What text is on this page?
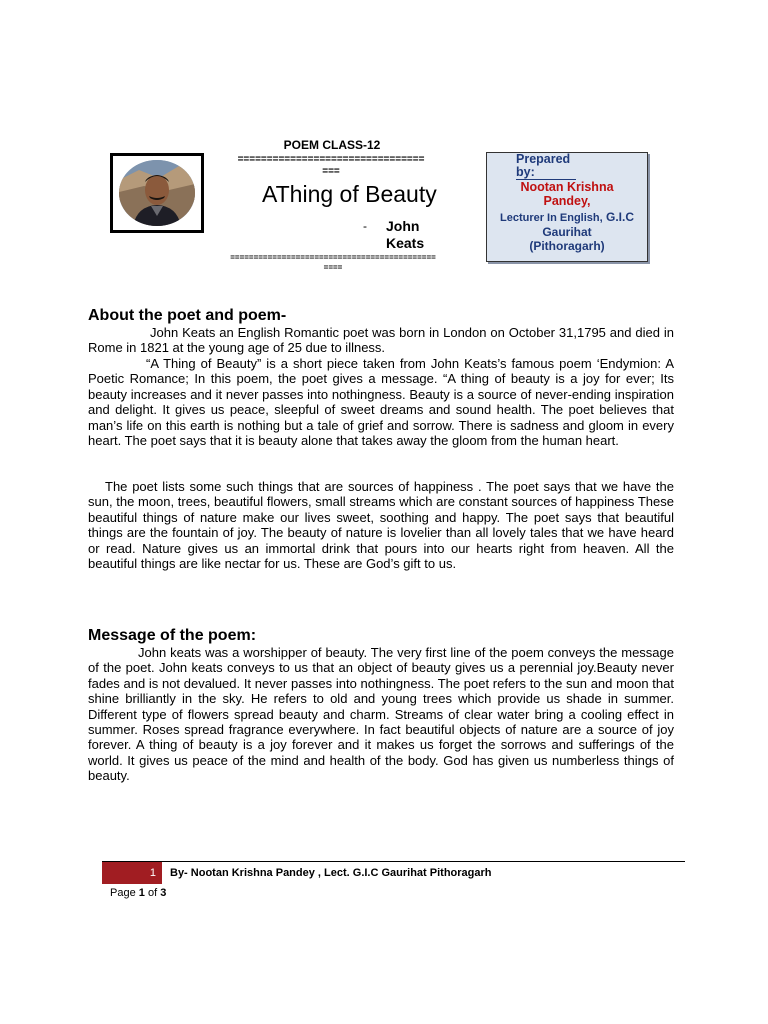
POEM CLASS-12
================================
===
AThing of Beauty
- John
Keats
============================================
====
Prepared
by:
Nootan Krishna
Pandey,
Lecturer In English, G.I.C
Gaurihat
(Pithoragarh)
About the poet and poem-
John Keats an English Romantic poet was born in London on October 31,1795 and died in Rome in 1821 at the young age of 25 due to illness.
“A Thing of Beauty” is a short piece taken from John Keats’s famous poem ‘Endymion: A Poetic Romance; In this poem, the poet gives a message. “A thing of beauty is a joy for ever; Its beauty increases and it never passes into nothingness. Beauty is a source of never-ending inspiration and delight. It gives us peace, sleepful of sweet dreams and sound health. The poet believes that man’s life on this earth is nothing but a tale of grief and sorrow. There is sadness and gloom in every heart. The poet says that it is beauty alone that takes away the gloom from the human heart.
The poet lists some such things that are sources of happiness . The poet says that we have the sun, the moon, trees, beautiful flowers, small streams which are constant sources of happiness These beautiful things of nature make our lives sweet, soothing and happy. The poet says that beautiful things are the fountain of joy. The beauty of nature is lovelier than all lovely tales that we have heard or read. Nature gives us an immortal drink that pours into our hearts right from heaven. All the beautiful things are like nectar for us. These are God’s gift to us.
Message of the poem:
John keats was a worshipper of beauty. The very first line of the poem conveys the message of the poet. John keats conveys to us that an object of beauty gives us a perennial joy.Beauty never fades and is not devalued. It never passes into nothingness. The poet refers to the sun and moon that shine brilliantly in the sky. He refers to old and young trees which provide us shade in summer. Different type of flowers spread beauty and charm. Streams of clear water bring a cooling effect in summer. Roses spread fragrance everywhere. In fact beautiful objects of nature are a source of joy forever. A thing of beauty is a joy forever and it makes us forget the sorrows and sufferings of the world. It gives us peace of the mind and health of the body. God has given us numberless things of beauty.
1	By- Nootan Krishna Pandey , Lect. G.I.C Gaurihat Pithoragarh
Page 1 of 3
